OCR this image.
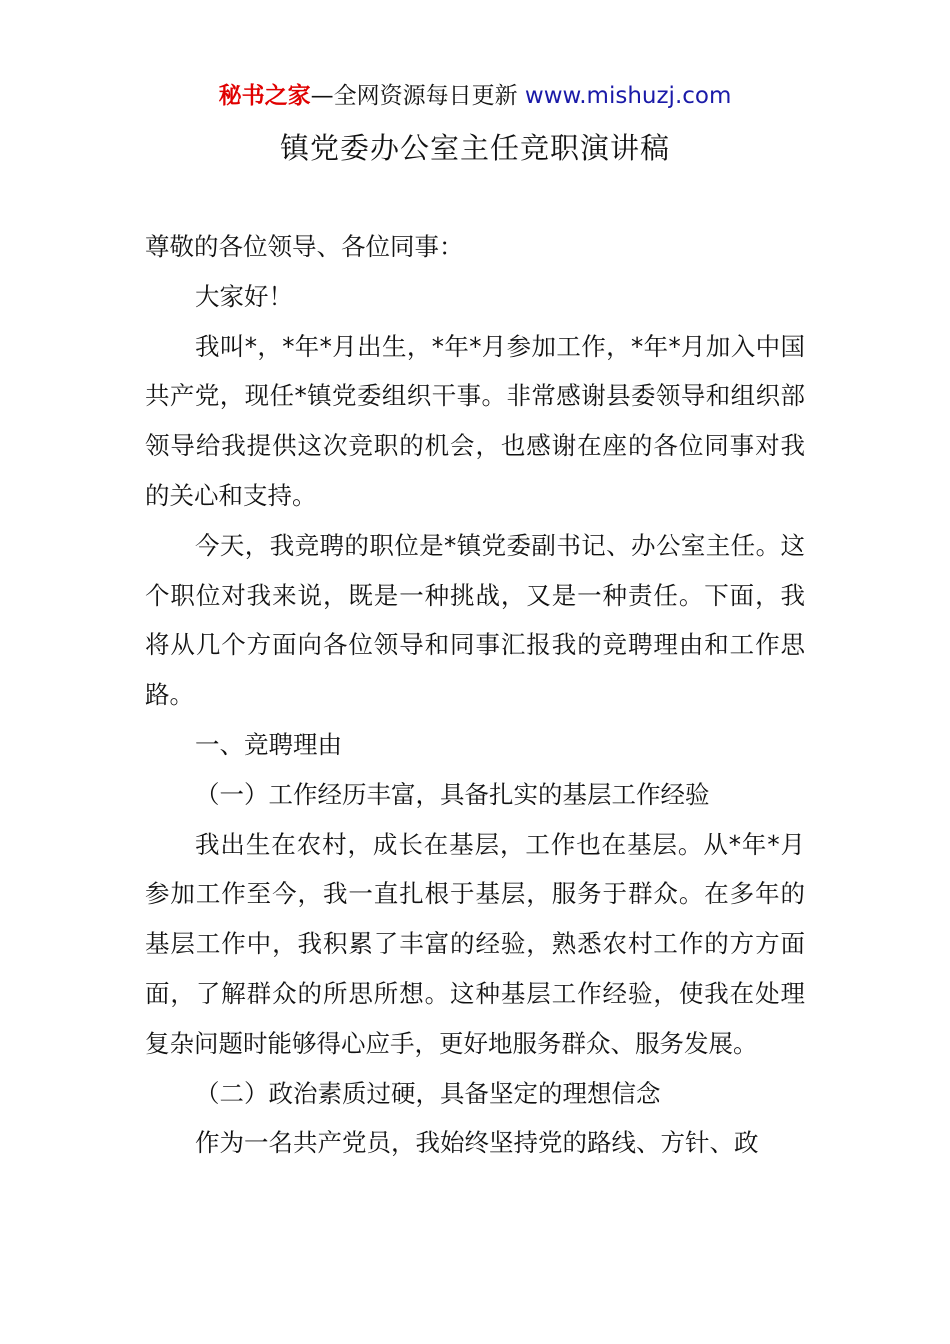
秘书之家—全网资源每日更新 www.mishuzj.com
镇党委办公室主任竞职演讲稿

尊敬的各位领导、各位同事：

大家好！

我叫*，*年*月出生，*年*月参加工作，*年*月加入中国共产党，现任*镇党委组织干事。非常感谢县委领导和组织部领导给我提供这次竞职的机会，也感谢在座的各位同事对我的关心和支持。

今天，我竞聘的职位是*镇党委副书记、办公室主任。这个职位对我来说，既是一种挑战，又是一种责任。下面，我将从几个方面向各位领导和同事汇报我的竞聘理由和工作思路。

一、竞聘理由

（一）工作经历丰富，具备扎实的基层工作经验

我出生在农村，成长在基层，工作也在基层。从*年*月参加工作至今，我一直扎根于基层，服务于群众。在多年的基层工作中，我积累了丰富的经验，熟悉农村工作的方方面面，了解群众的所思所想。这种基层工作经验，使我在处理复杂问题时能够得心应手，更好地服务群众、服务发展。

（二）政治素质过硬，具备坚定的理想信念

作为一名共产党员，我始终坚持党的路线、方针、政
